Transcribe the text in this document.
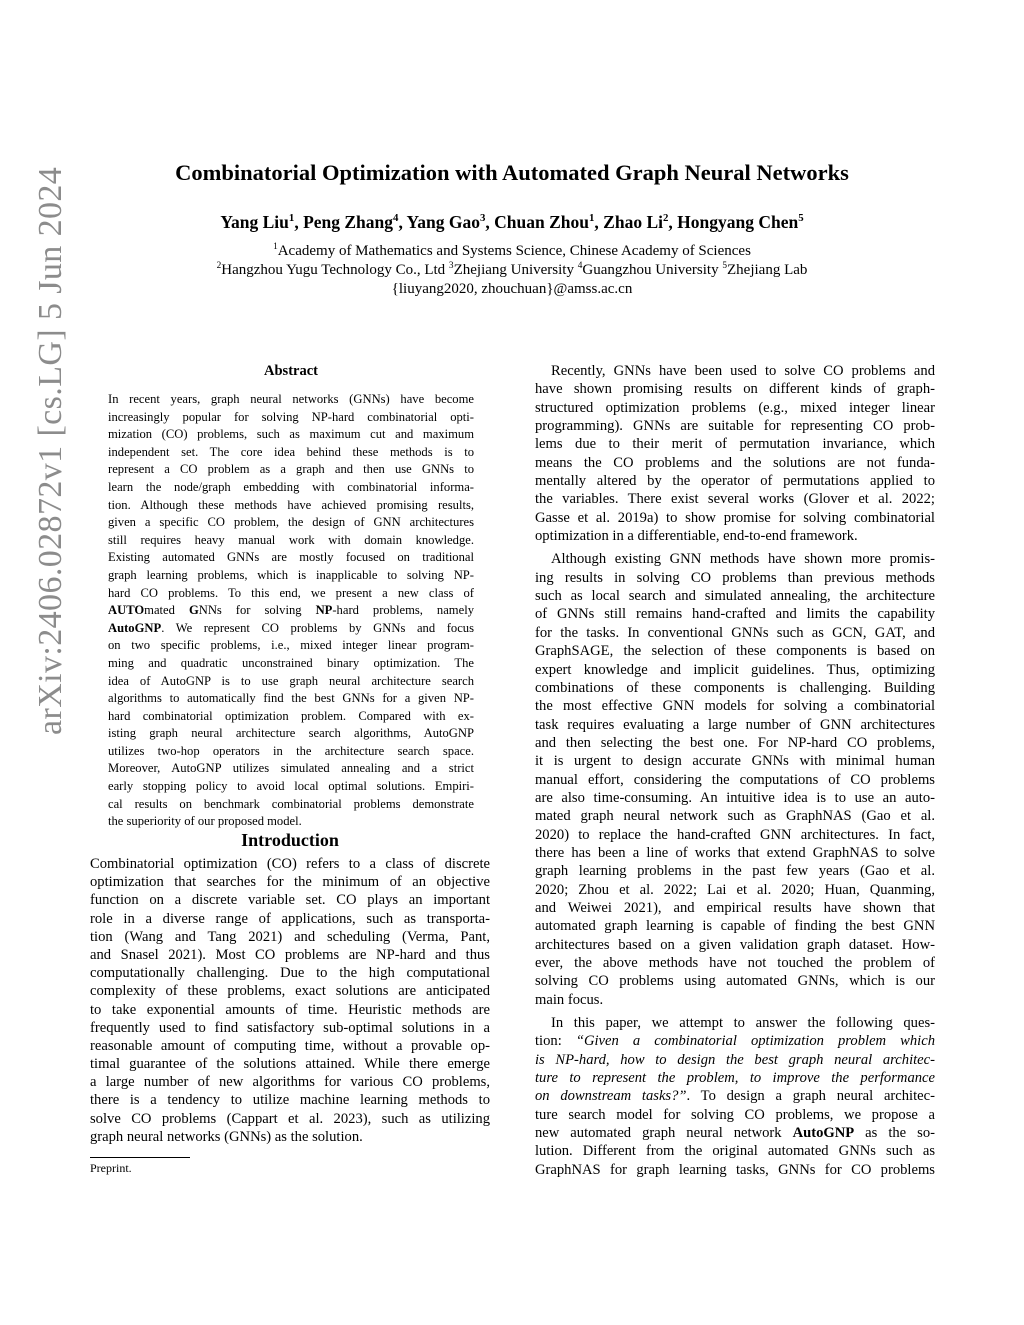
arXiv:2406.02872v1 [cs.LG] 5 Jun 2024	Combinatorial Optimization with Automated Graph Neural Networks
Yang Liu$^1$, Peng Zhang$^4$, Yang Gao$^3$, Chuan Zhou$^1$, Zhao Li$^2$, Hongyang Chen$^5$
$^1$Academy of Mathematics and Systems Science, Chinese Academy of Sciences
$^2$Hangzhou Yugu Technology Co., Ltd $^3$Zhejiang University $^4$Guangzhou University $^5$Zhejiang Lab
{liuyang2020, zhouchuan}@amss.ac.cn
Abstract
In recent years, graph neural networks (GNNs) have become
increasingly popular for solving NP-hard combinatorial opti-
mization (CO) problems, such as maximum cut and maximum
independent set. The core idea behind these methods is to
represent a CO problem as a graph and then use GNNs to
learn the node/graph embedding with combinatorial informa-
tion. Although these methods have achieved promising results,
given a specific CO problem, the design of GNN architectures
still requires heavy manual work with domain knowledge.
Existing automated GNNs are mostly focused on traditional
graph learning problems, which is inapplicable to solving NP-
hard CO problems. To this end, we present a new class of
AUTOmated GNNs for solving NP-hard problems, namely
AutoGNP. We represent CO problems by GNNs and focus
on two specific problems, i.e., mixed integer linear program-
ming and quadratic unconstrained binary optimization. The
idea of AutoGNP is to use graph neural architecture search
algorithms to automatically find the best GNNs for a given NP-
hard combinatorial optimization problem. Compared with ex-
isting graph neural architecture search algorithms, AutoGNP
utilizes two-hop operators in the architecture search space.
Moreover, AutoGNP utilizes simulated annealing and a strict
early stopping policy to avoid local optimal solutions. Empiri-
cal results on benchmark combinatorial problems demonstrate
the superiority of our proposed model.
Introduction
Combinatorial optimization (CO) refers to a class of discrete
optimization that searches for the minimum of an objective
function on a discrete variable set. CO plays an important
role in a diverse range of applications, such as transporta-
tion (Wang and Tang 2021) and scheduling (Verma, Pant,
and Snasel 2021). Most CO problems are NP-hard and thus
computationally challenging. Due to the high computational
complexity of these problems, exact solutions are anticipated
to take exponential amounts of time. Heuristic methods are
frequently used to find satisfactory sub-optimal solutions in a
reasonable amount of computing time, without a provable op-
timal guarantee of the solutions attained. While there emerge
a large number of new algorithms for various CO problems,
there is a tendency to utilize machine learning methods to
solve CO problems (Cappart et al. 2023), such as utilizing
graph neural networks (GNNs) as the solution.
Preprint.
Recently, GNNs have been used to solve CO problems and
have shown promising results on different kinds of graph-
structured optimization problems (e.g., mixed integer linear
programming). GNNs are suitable for representing CO prob-
lems due to their merit of permutation invariance, which
means the CO problems and the solutions are not funda-
mentally altered by the operator of permutations applied to
the variables. There exist several works (Glover et al. 2022;
Gasse et al. 2019a) to show promise for solving combinatorial
optimization in a differentiable, end-to-end framework.
Although existing GNN methods have shown more promis-
ing results in solving CO problems than previous methods
such as local search and simulated annealing, the architecture
of GNNs still remains hand-crafted and limits the capability
for the tasks. In conventional GNNs such as GCN, GAT, and
GraphSAGE, the selection of these components is based on
expert knowledge and implicit guidelines. Thus, optimizing
combinations of these components is challenging. Building
the most effective GNN models for solving a combinatorial
task requires evaluating a large number of GNN architectures
and then selecting the best one. For NP-hard CO problems,
it is urgent to design accurate GNNs with minimal human
manual effort, considering the computations of CO problems
are also time-consuming. An intuitive idea is to use an auto-
mated graph neural network such as GraphNAS (Gao et al.
2020) to replace the hand-crafted GNN architectures. In fact,
there has been a line of works that extend GraphNAS to solve
graph learning problems in the past few years (Gao et al.
2020; Zhou et al. 2022; Lai et al. 2020; Huan, Quanming,
and Weiwei 2021), and empirical results have shown that
automated graph learning is capable of finding the best GNN
architectures based on a given validation graph dataset. How-
ever, the above methods have not touched the problem of
solving CO problems using automated GNNs, which is our
main focus.
In this paper, we attempt to answer the following ques-
tion: “Given a combinatorial optimization problem which
is NP-hard, how to design the best graph neural architec-
ture to represent the problem, to improve the performance
on downstream tasks?”. To design a graph neural architec-
ture search model for solving CO problems, we propose a
new automated graph neural network AutoGNP as the so-
lution. Different from the original automated GNNs such as
GraphNAS for graph learning tasks, GNNs for CO problems
